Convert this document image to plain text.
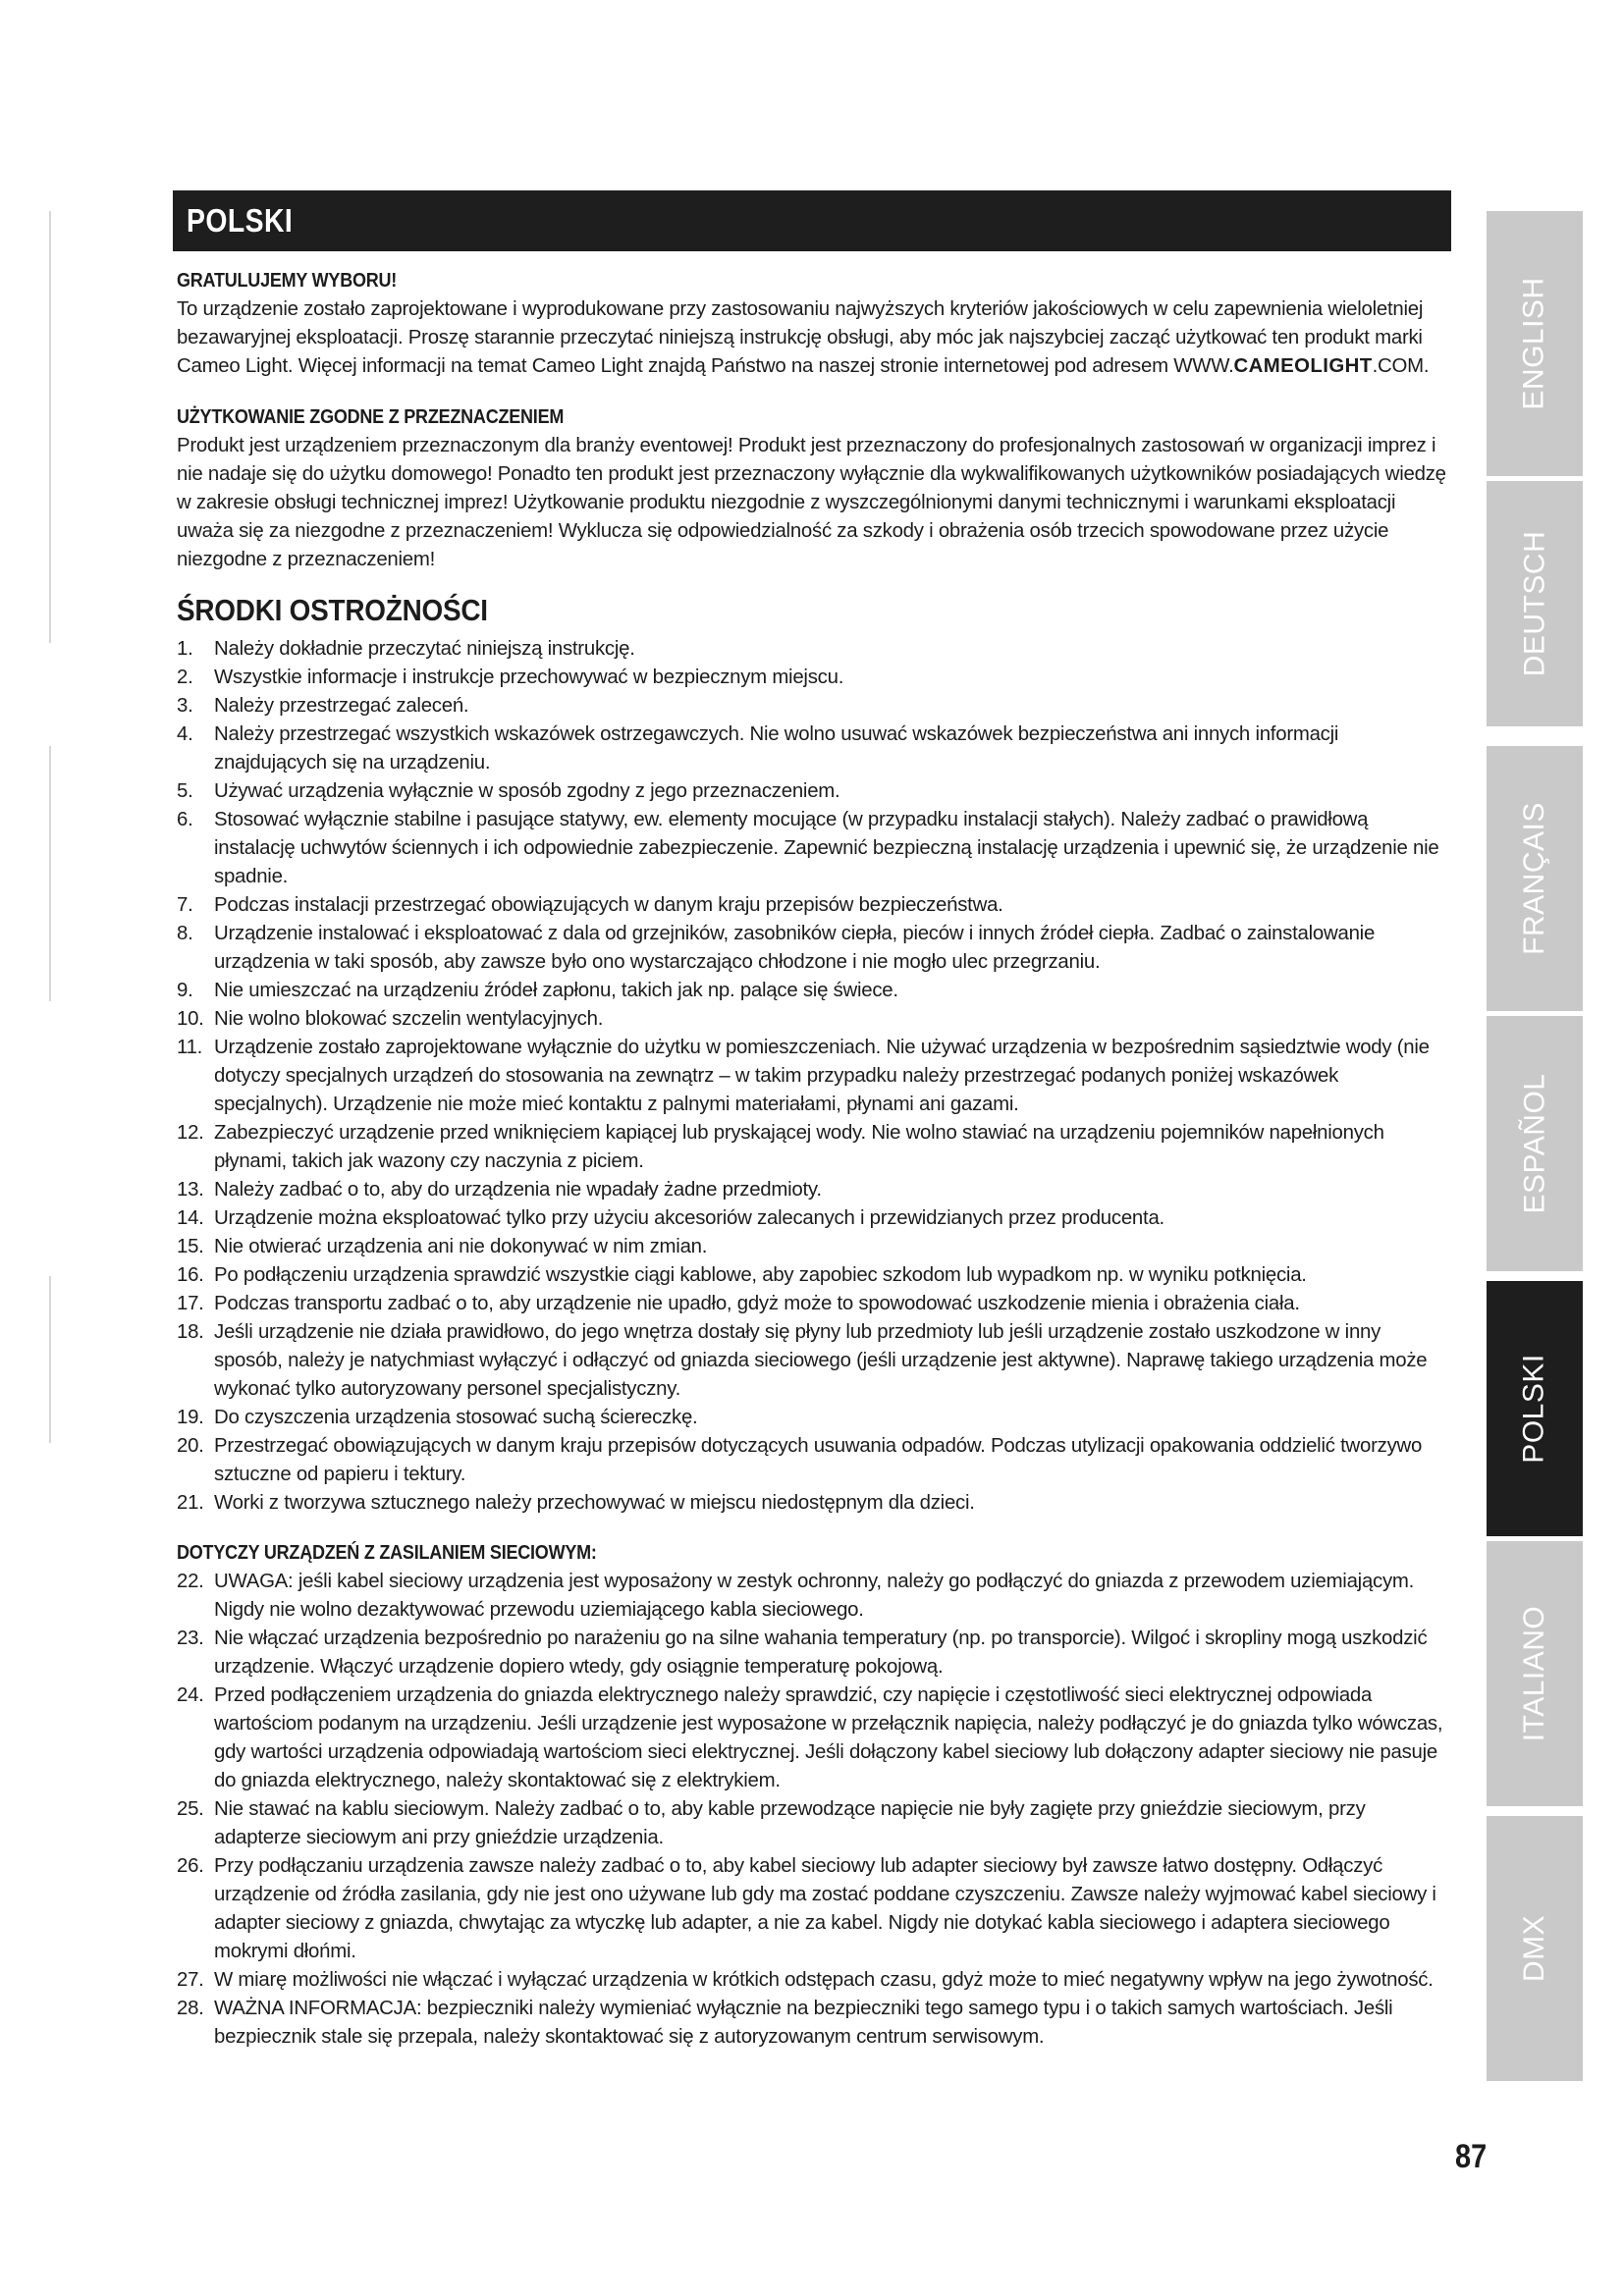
POLSKI

GRATULUJEMY WYBORU!

To urządzenie zostało zaprojektowane i wyprodukowane przy zastosowaniu najwyższych kryteriów jakościowych w celu zapewnienia wieloletniej bezawaryjnej eksploatacji. Proszę starannie przeczytać niniejszą instrukcję obsługi, aby móc jak najszybciej zacząć użytkować ten produkt marki Cameo Light. Więcej informacji na temat Cameo Light znajdą Państwo na naszej stronie internetowej pod adresem WWW.CAMEOLIGHT.COM.

UŻYTKOWANIE ZGODNE Z PRZEZNACZENIEM

Produkt jest urządzeniem przeznaczonym dla branży eventowej! Produkt jest przeznaczony do profesjonalnych zastosowań w organizacji imprez i nie nadaje się do użytku domowego! Ponadto ten produkt jest przeznaczony wyłącznie dla wykwalifikowanych użytkowników posiadających wiedzę w zakresie obsługi technicznej imprez! Użytkowanie produktu niezgodnie z wyszczególnionymi danymi technicznymi i warunkami eksploatacji uważa się za niezgodne z przeznaczeniem! Wyklucza się odpowiedzialność za szkody i obrażenia osób trzecich spowodowane przez użycie niezgodne z przeznaczeniem!

ŚRODKI OSTROŻNOŚCI

1. Należy dokładnie przeczytać niniejszą instrukcję.
2. Wszystkie informacje i instrukcje przechowywać w bezpiecznym miejscu.
3. Należy przestrzegać zaleceń.
4. Należy przestrzegać wszystkich wskazówek ostrzegawczych. Nie wolno usuwać wskazówek bezpieczeństwa ani innych informacji znajdujących się na urządzeniu.
5. Używać urządzenia wyłącznie w sposób zgodny z jego przeznaczeniem.
6. Stosować wyłącznie stabilne i pasujące statywy, ew. elementy mocujące (w przypadku instalacji stałych). Należy zadbać o prawidłową instalację uchwytów ściennych i ich odpowiednie zabezpieczenie. Zapewnić bezpieczną instalację urządzenia i upewnić się, że urządzenie nie spadnie.
7. Podczas instalacji przestrzegać obowiązujących w danym kraju przepisów bezpieczeństwa.
8. Urządzenie instalować i eksploatować z dala od grzejników, zasobników ciepła, pieców i innych źródeł ciepła. Zadbać o zainstalowanie urządzenia w taki sposób, aby zawsze było ono wystarczająco chłodzone i nie mogło ulec przegrzaniu.
9. Nie umieszczać na urządzeniu źródeł zapłonu, takich jak np. palące się świece.
10. Nie wolno blokować szczelin wentylacyjnych.
11. Urządzenie zostało zaprojektowane wyłącznie do użytku w pomieszczeniach. Nie używać urządzenia w bezpośrednim sąsiedztwie wody (nie dotyczy specjalnych urządzeń do stosowania na zewnątrz – w takim przypadku należy przestrzegać podanych poniżej wskazówek specjalnych). Urządzenie nie może mieć kontaktu z palnymi materiałami, płynami ani gazami.
12. Zabezpieczyć urządzenie przed wniknięciem kapiącej lub pryskającej wody. Nie wolno stawiać na urządzeniu pojemników napełnionych płynami, takich jak wazony czy naczynia z piciem.
13. Należy zadbać o to, aby do urządzenia nie wpadały żadne przedmioty.
14. Urządzenie można eksploatować tylko przy użyciu akcesoriów zalecanych i przewidzianych przez producenta.
15. Nie otwierać urządzenia ani nie dokonywać w nim zmian.
16. Po podłączeniu urządzenia sprawdzić wszystkie ciągi kablowe, aby zapobiec szkodom lub wypadkom np. w wyniku potknięcia.
17. Podczas transportu zadbać o to, aby urządzenie nie upadło, gdyż może to spowodować uszkodzenie mienia i obrażenia ciała.
18. Jeśli urządzenie nie działa prawidłowo, do jego wnętrza dostały się płyny lub przedmioty lub jeśli urządzenie zostało uszkodzone w inny sposób, należy je natychmiast wyłączyć i odłączyć od gniazda sieciowego (jeśli urządzenie jest aktywne). Naprawę takiego urządzenia może wykonać tylko autoryzowany personel specjalistyczny.
19. Do czyszczenia urządzenia stosować suchą ściereczkę.
20. Przestrzegać obowiązujących w danym kraju przepisów dotyczących usuwania odpadów. Podczas utylizacji opakowania oddzielić tworzywo sztuczne od papieru i tektury.
21. Worki z tworzywa sztucznego należy przechowywać w miejscu niedostępnym dla dzieci.

DOTYCZY URZĄDZEŃ Z ZASILANIEM SIECIOWYM:

22. UWAGA: jeśli kabel sieciowy urządzenia jest wyposażony w zestyk ochronny, należy go podłączyć do gniazda z przewodem uziemiającym. Nigdy nie wolno dezaktywować przewodu uziemiającego kabla sieciowego.
23. Nie włączać urządzenia bezpośrednio po narażeniu go na silne wahania temperatury (np. po transporcie). Wilgoć i skropliny mogą uszkodzić urządzenie. Włączyć urządzenie dopiero wtedy, gdy osiągnie temperaturę pokojową.
24. Przed podłączeniem urządzenia do gniazda elektrycznego należy sprawdzić, czy napięcie i częstotliwość sieci elektrycznej odpowiada wartościom podanym na urządzeniu. Jeśli urządzenie jest wyposażone w przełącznik napięcia, należy podłączyć je do gniazda tylko wówczas, gdy wartości urządzenia odpowiadają wartościom sieci elektrycznej. Jeśli dołączony kabel sieciowy lub dołączony adapter sieciowy nie pasuje do gniazda elektrycznego, należy skontaktować się z elektrykiem.
25. Nie stawać na kablu sieciowym. Należy zadbać o to, aby kable przewodzące napięcie nie były zagięte przy gnieździe sieciowym, przy adapterze sieciowym ani przy gnieździe urządzenia.
26. Przy podłączaniu urządzenia zawsze należy zadbać o to, aby kabel sieciowy lub adapter sieciowy był zawsze łatwo dostępny. Odłączyć urządzenie od źródła zasilania, gdy nie jest ono używane lub gdy ma zostać poddane czyszczeniu. Zawsze należy wyjmować kabel sieciowy i adapter sieciowy z gniazda, chwytając za wtyczkę lub adapter, a nie za kabel. Nigdy nie dotykać kabla sieciowego i adaptera sieciowego mokrymi dłońmi.
27. W miarę możliwości nie włączać i wyłączać urządzenia w krótkich odstępach czasu, gdyż może to mieć negatywny wpływ na jego żywotność.
28. WAŻNA INFORMACJA: bezpieczniki należy wymieniać wyłącznie na bezpieczniki tego samego typu i o takich samych wartościach. Jeśli bezpiecznik stale się przepala, należy skontaktować się z autoryzowanym centrum serwisowym.
ENGLISH
DEUTSCH
FRANÇAIS
ESPAÑOL
POLSKI
ITALIANO
DMX
87
